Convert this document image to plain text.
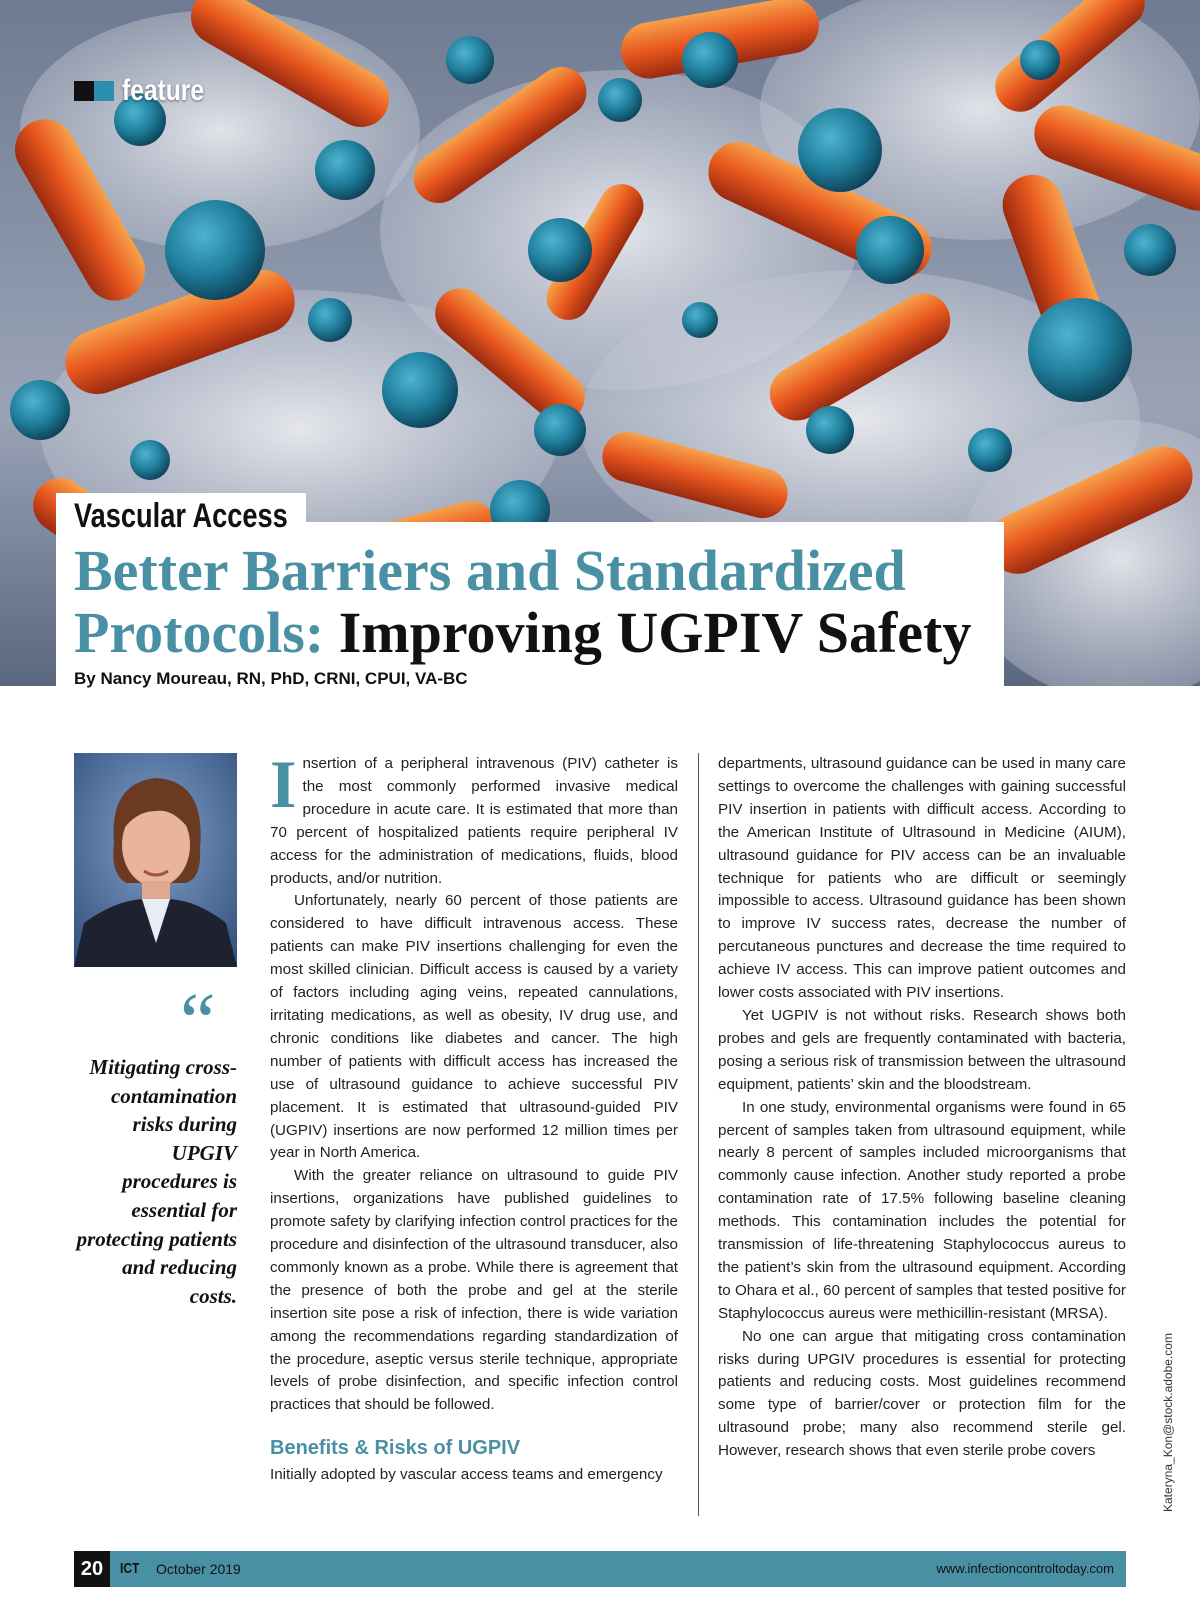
feature
Vascular Access
Better Barriers and Standardized Protocols: Improving UGPIV Safety
By Nancy Moureau, RN, PhD, CRNI, CPUI, VA-BC
“

Mitigating cross-contamination risks during UPGIV procedures is essential for protecting patients and reducing costs.

Insertion of a peripheral intravenous (PIV) catheter is the most commonly performed invasive medical procedure in acute care. It is estimated that more than 70 percent of hospitalized patients require peripheral IV access for the administration of medications, fluids, blood products, and/or nutrition.

Unfortunately, nearly 60 percent of those patients are considered to have difficult intravenous access. These patients can make PIV insertions challenging for even the most skilled clinician. Difficult access is caused by a variety of factors including aging veins, repeated cannulations, irritating medications, as well as obesity, IV drug use, and chronic conditions like diabetes and cancer. The high number of patients with difficult access has increased the use of ultrasound guidance to achieve successful PIV placement. It is estimated that ultrasound-guided PIV (UGPIV) insertions are now performed 12 million times per year in North America.

With the greater reliance on ultrasound to guide PIV insertions, organizations have published guidelines to promote safety by clarifying infection control practices for the procedure and disinfection of the ultrasound transducer, also commonly known as a probe. While there is agreement that the presence of both the probe and gel at the sterile insertion site pose a risk of infection, there is wide variation among the recommendations regarding standardization of the procedure, aseptic versus sterile technique, appropriate levels of probe disinfection, and specific infection control practices that should be followed.

Benefits & Risks of UGPIV

Initially adopted by vascular access teams and emergency

departments, ultrasound guidance can be used in many care settings to overcome the challenges with gaining successful PIV insertion in patients with difficult access. According to the American Institute of Ultrasound in Medicine (AIUM), ultrasound guidance for PIV access can be an invaluable technique for patients who are difficult or seemingly impossible to access. Ultrasound guidance has been shown to improve IV success rates, decrease the number of percutaneous punctures and decrease the time required to achieve IV access. This can improve patient outcomes and lower costs associated with PIV insertions.

Yet UGPIV is not without risks. Research shows both probes and gels are frequently contaminated with bacteria, posing a serious risk of transmission between the ultrasound equipment, patients’ skin and the bloodstream.

In one study, environmental organisms were found in 65 percent of samples taken from ultrasound equipment, while nearly 8 percent of samples included microorganisms that commonly cause infection. Another study reported a probe contamination rate of 17.5% following baseline cleaning methods. This contamination includes the potential for transmission of life-threatening Staphylococcus aureus to the patient’s skin from the ultrasound equipment. According to Ohara et al., 60 percent of samples that tested positive for Staphylococcus aureus were methicillin-resistant (MRSA).

No one can argue that mitigating cross contamination risks during UPGIV procedures is essential for protecting patients and reducing costs. Most guidelines recommend some type of barrier/cover or protection film for the ultrasound probe; many also recommend sterile gel. However, research shows that even sterile probe covers	Kateryna_Kon@stock.adobe.com
20	ICT October 2019	www.infectioncontroltoday.com
